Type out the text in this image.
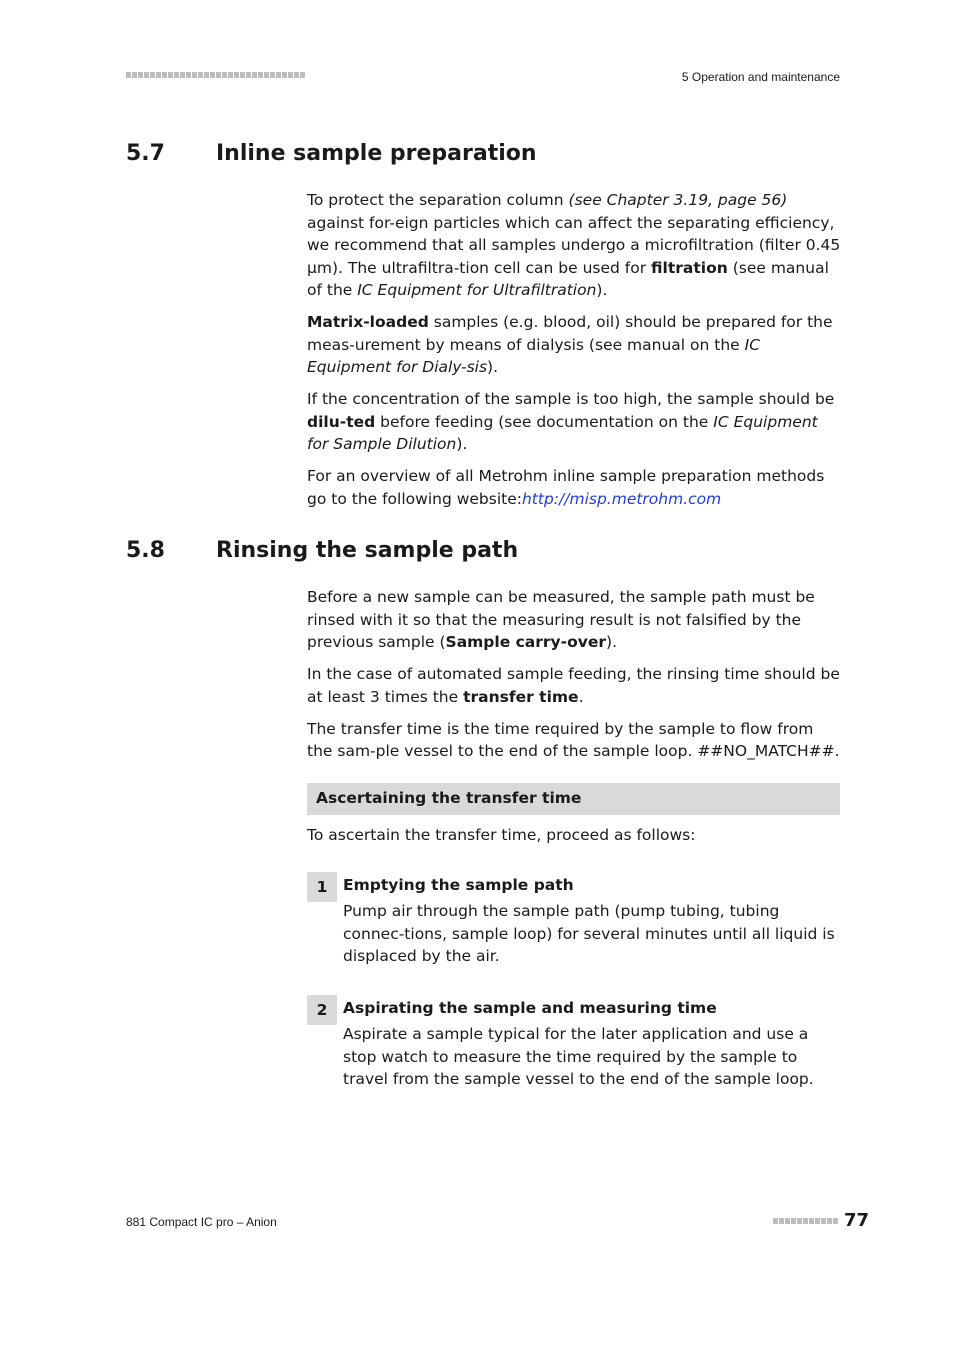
5 Operation and maintenance
5.7 Inline sample preparation

To protect the separation column (see Chapter 3.19, page 56) against for-eign particles which can affect the separating efficiency, we recommend that all samples undergo a microfiltration (filter 0.45 µm). The ultrafiltra-tion cell can be used for filtration (see manual of the IC Equipment for Ultrafiltration).

Matrix-loaded samples (e.g. blood, oil) should be prepared for the meas-urement by means of dialysis (see manual on the IC Equipment for Dialy-sis).

If the concentration of the sample is too high, the sample should be dilu-ted before feeding (see documentation on the IC Equipment for Sample Dilution).

For an overview of all Metrohm inline sample preparation methods go to the following website:http://misp.metrohm.com

5.8 Rinsing the sample path

Before a new sample can be measured, the sample path must be rinsed with it so that the measuring result is not falsified by the previous sample (Sample carry-over).

In the case of automated sample feeding, the rinsing time should be at least 3 times the transfer time.

The transfer time is the time required by the sample to flow from the sam-ple vessel to the end of the sample loop. ##NO_MATCH##.

Ascertaining the transfer time

To ascertain the transfer time, proceed as follows:

1	Emptying the sample path
Pump air through the sample path (pump tubing, tubing connec-tions, sample loop) for several minutes until all liquid is displaced by the air.
2	Aspirating the sample and measuring time
Aspirate a sample typical for the later application and use a stop watch to measure the time required by the sample to travel from the sample vessel to the end of the sample loop.
881 Compact IC pro – Anion	77
